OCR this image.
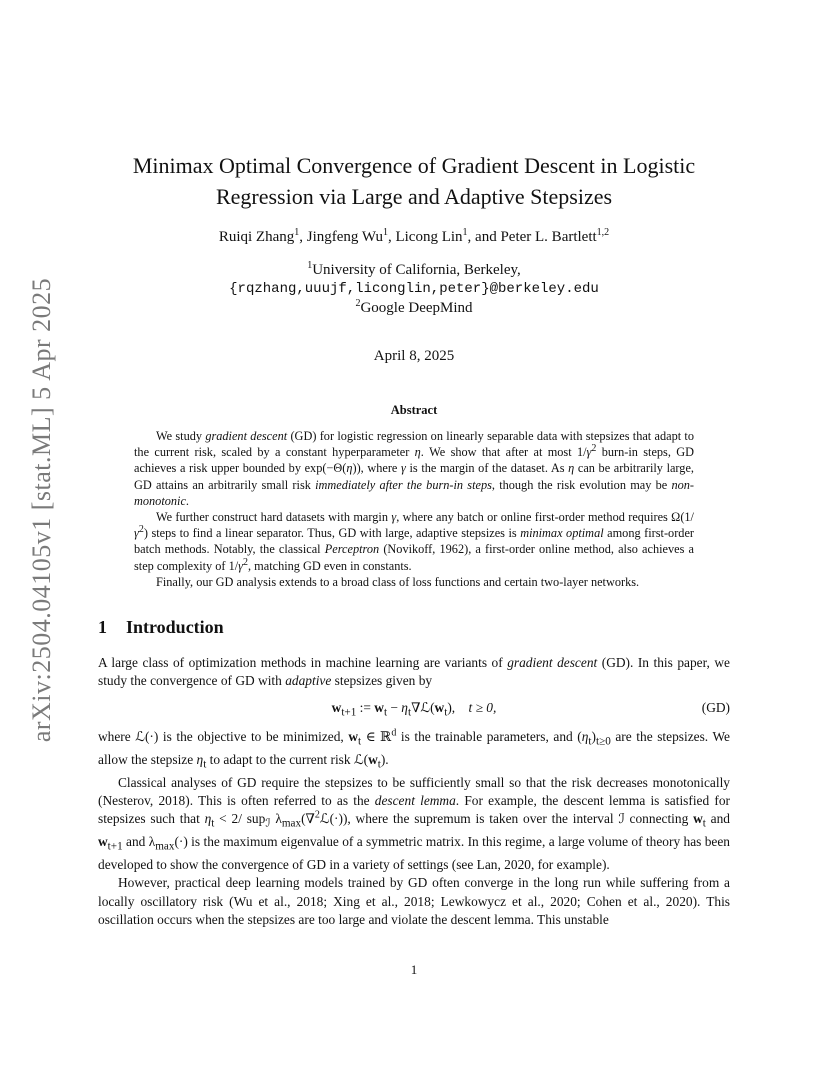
arXiv:2504.04105v1 [stat.ML] 5 Apr 2025
Minimax Optimal Convergence of Gradient Descent in Logistic
Regression via Large and Adaptive Stepsizes
Ruiqi Zhang$^1$, Jingfeng Wu$^1$, Licong Lin$^1$, and Peter L. Bartlett$^{1,2}$
$^1$University of California, Berkeley,
{rqzhang,uuujf,liconglin,peter}@berkeley.edu
$^2$Google DeepMind
April 8, 2025
Abstract

We study gradient descent (GD) for logistic regression on linearly separable data with stepsizes that adapt to the current risk, scaled by a constant hyperparameter η. We show that after at most $1/\gamma^2$ burn-in steps, GD achieves a risk upper bounded by exp(−Θ(η)), where γ is the margin of the dataset. As η can be arbitrarily large, GD attains an arbitrarily small risk immediately after the burn-in steps, though the risk evolution may be non-monotonic.

We further construct hard datasets with margin γ, where any batch or online first-order method requires $\Omega(1/\gamma^2)$ steps to find a linear separator. Thus, GD with large, adaptive stepsizes is minimax optimal among first-order batch methods. Notably, the classical Perceptron (Novikoff, 1962), a first-order online method, also achieves a step complexity of $1/\gamma^2$, matching GD even in constants.

Finally, our GD analysis extends to a broad class of loss functions and certain two-layer networks.

1 Introduction

A large class of optimization methods in machine learning are variants of gradient descent (GD). In this paper, we study the convergence of GD with adaptive stepsizes given by

$w_{t+1}$ := $w_t$ − $\eta_t\nabla ℒ(w_t)$, t ≥ 0,	(GD)

where ℒ(·) is the objective to be minimized, $w_t$ ∈ ℝ$^d$ is the trainable parameters, and $(\eta_t)_{t\ge 0}$ are the stepsizes. We allow the stepsize $\eta_t$ to adapt to the current risk $ℒ(w_t)$.

Classical analyses of GD require the stepsizes to be sufficiently small so that the risk decreases monotonically (Nesterov, 2018). This is often referred to as the descent lemma. For example, the descent lemma is satisfied for stepsizes such that $\eta_t < 2/$ sup$_ℐ$ $\lambda_{max}(\nabla^2ℒ(\cdot))$, where the supremum is taken over the interval ℐ connecting $w_t$ and $w_{t+1}$ and $\lambda_{max}(\cdot)$ is the maximum eigenvalue of a symmetric matrix. In this regime, a large volume of theory has been developed to show the convergence of GD in a variety of settings (see Lan, 2020, for example).

However, practical deep learning models trained by GD often converge in the long run while suffering from a locally oscillatory risk (Wu et al., 2018; Xing et al., 2018; Lewkowycz et al., 2020; Cohen et al., 2020). This oscillation occurs when the stepsizes are too large and violate the descent lemma. This unstable

1
